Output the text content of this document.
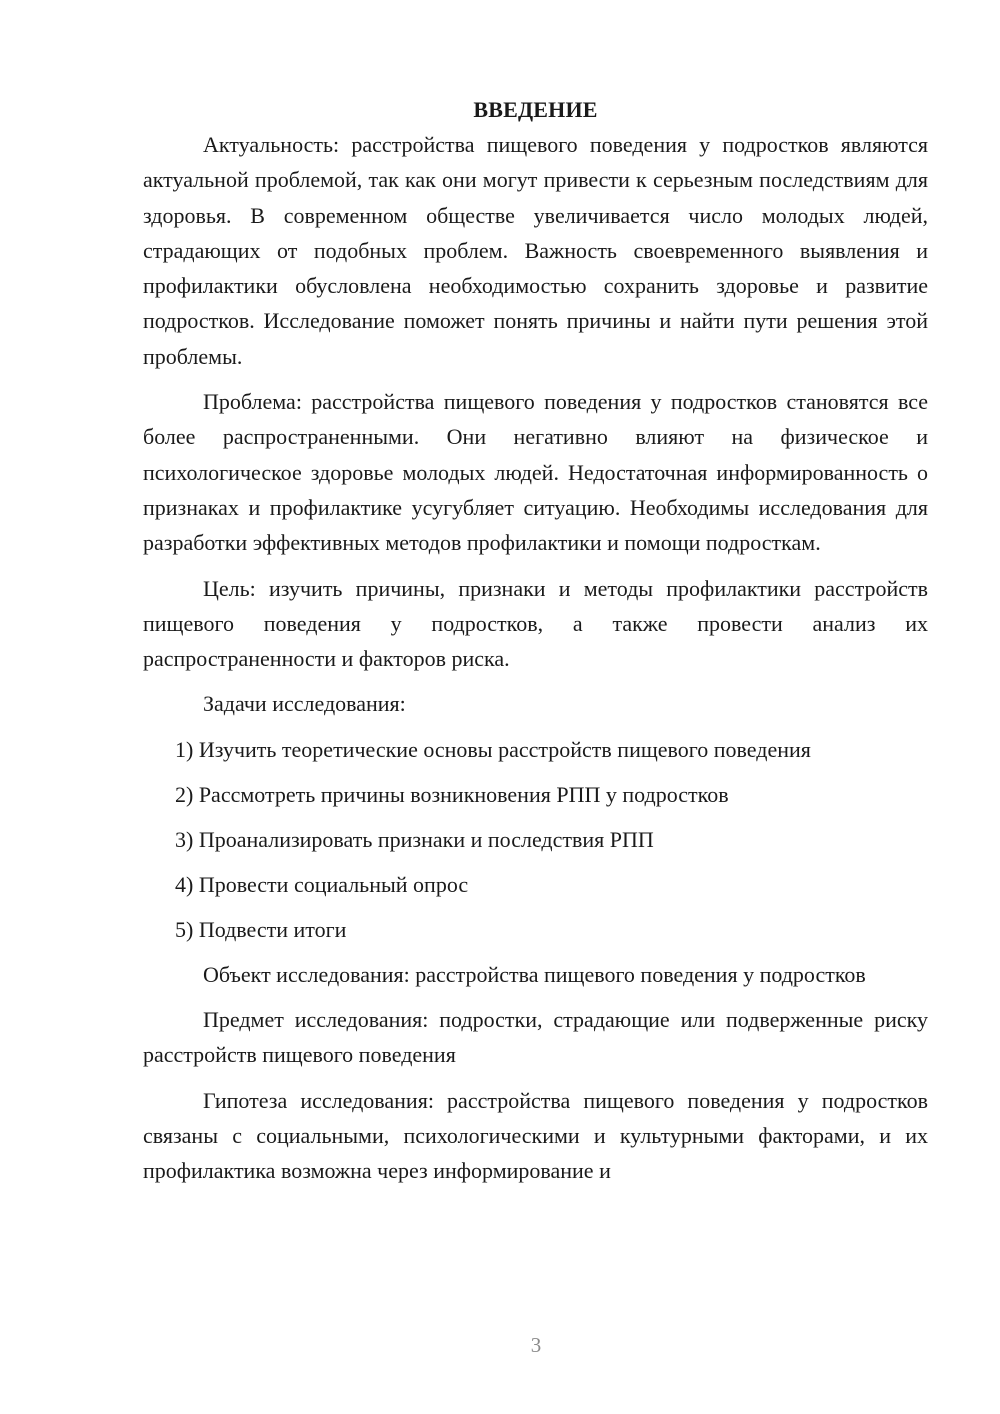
ВВЕДЕНИЕ

Актуальность: расстройства пищевого поведения у подростков являются актуальной проблемой, так как они могут привести к серьезным последствиям для здоровья. В современном обществе увеличивается число молодых людей, страдающих от подобных проблем. Важность своевременного выявления и профилактики обусловлена необходимостью сохранить здоровье и развитие подростков. Исследование поможет понять причины и найти пути решения этой проблемы.

Проблема: расстройства пищевого поведения у подростков становятся все более распространенными. Они негативно влияют на физическое и психологическое здоровье молодых людей. Недостаточная информированность о признаках и профилактике усугубляет ситуацию. Необходимы исследования для разработки эффективных методов профилактики и помощи подросткам.

Цель: изучить причины, признаки и методы профилактики расстройств пищевого поведения у подростков, а также провести анализ их распространенности и факторов риска.

Задачи исследования:

1) Изучить теоретические основы расстройств пищевого поведения
2) Рассмотреть причины возникновения РПП у подростков
3) Проанализировать признаки и последствия РПП
4) Провести социальный опрос
5) Подвести итоги

Объект исследования: расстройства пищевого поведения у подростков

Предмет исследования: подростки, страдающие или подверженные риску расстройств пищевого поведения

Гипотеза исследования: расстройства пищевого поведения у подростков связаны с социальными, психологическими и культурными факторами, и их профилактика возможна через информирование и

3
